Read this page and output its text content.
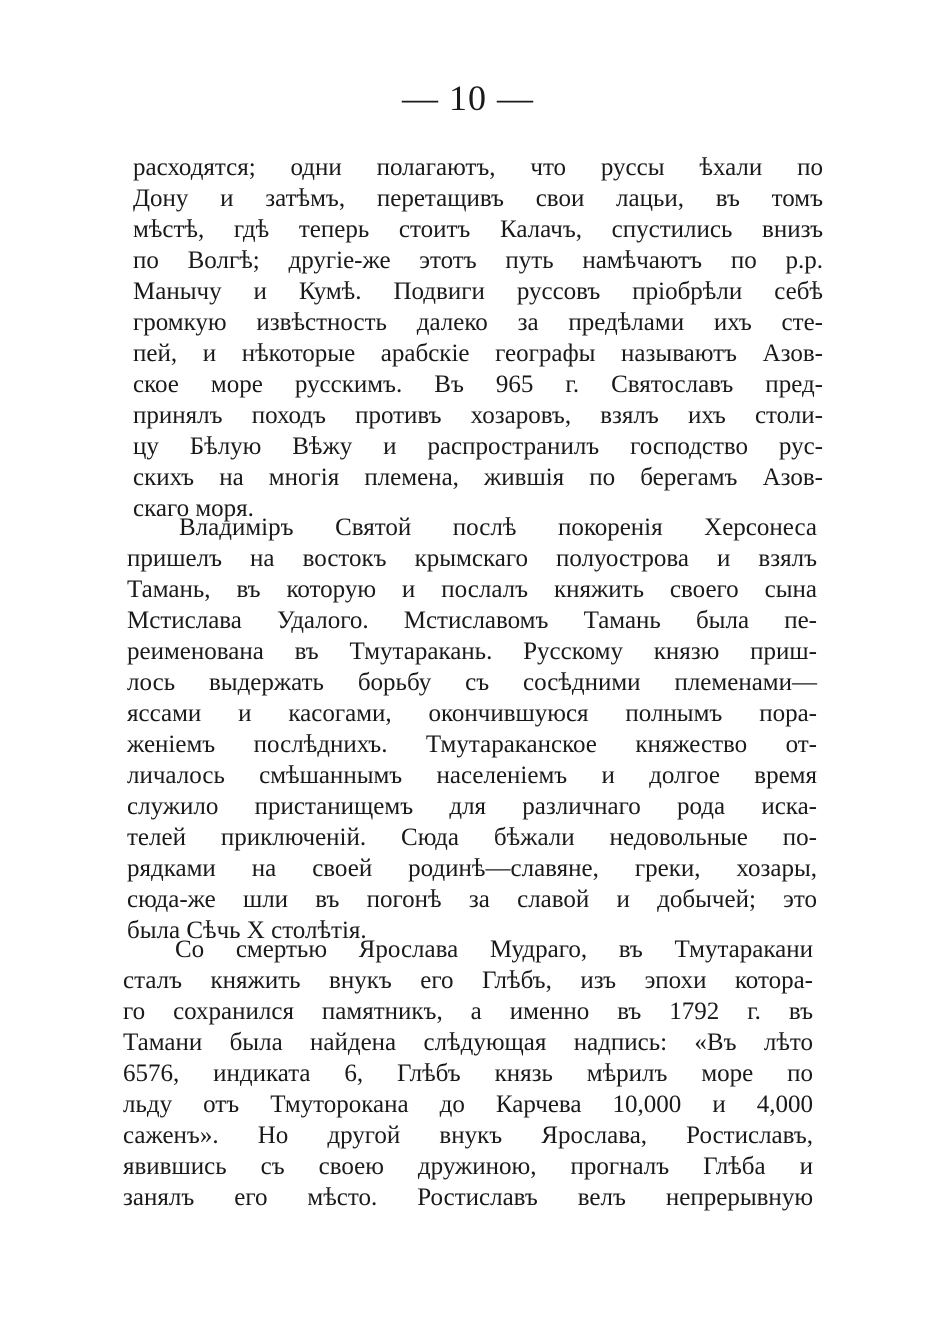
— 10 —
расходятся; одни полагаютъ, что руссы ѣхали по
Дону и затѣмъ, перетащивъ свои лацьи, въ томъ
мѣстѣ, гдѣ теперь стоитъ Калачъ, спустились внизъ
по Волгѣ; другіе-же этотъ путь намѣчаютъ по р.р.
Манычу и Кумѣ. Подвиги руссовъ пріобрѣли себѣ
громкую извѣстность далеко за предѣлами ихъ сте-
пей, и нѣкоторые арабскіе географы называютъ Азов-
ское море русскимъ. Въ 965 г. Святославъ пред-
принялъ походъ противъ хозаровъ, взялъ ихъ столи-
цу Бѣлую Вѣжу и распространилъ господство рус-
скихъ на многія племена, жившія по берегамъ Азов-
скаго моря.
Владиміръ Святой послѣ покоренія Херсонеса
пришелъ на востокъ крымскаго полуострова и взялъ
Тамань, въ которую и послалъ княжить своего сына
Мстислава Удалого. Мстиславомъ Тамань была пе-
реименована въ Тмутаракань. Русскому князю приш-
лось выдержать борьбу съ сосѣдними племенами—
яссами и касогами, окончившуюся полнымъ пора-
женіемъ послѣднихъ. Тмутараканское княжество от-
личалось смѣшаннымъ населеніемъ и долгое время
служило пристанищемъ для различнаго рода иска-
телей приключеній. Сюда бѣжали недовольные по-
рядками на своей родинѣ—славяне, греки, хозары,
сюда-же шли въ погонѣ за славой и добычей; это
была Сѣчь X столѣтія.
Со смертью Ярослава Мудраго, въ Тмутаракани
сталъ княжить внукъ его Глѣбъ, изъ эпохи котора-
го сохранился памятникъ, а именно въ 1792 г. въ
Тамани была найдена слѣдующая надпись: «Въ лѣто
6576, индиката 6, Глѣбъ князь мѣрилъ море по
льду отъ Тмуторокана до Карчева 10,000 и 4,000
саженъ». Но другой внукъ Ярослава, Ростиславъ,
явившись съ своею дружиною, прогналъ Глѣба и
занялъ его мѣсто. Ростиславъ велъ непрерывную
